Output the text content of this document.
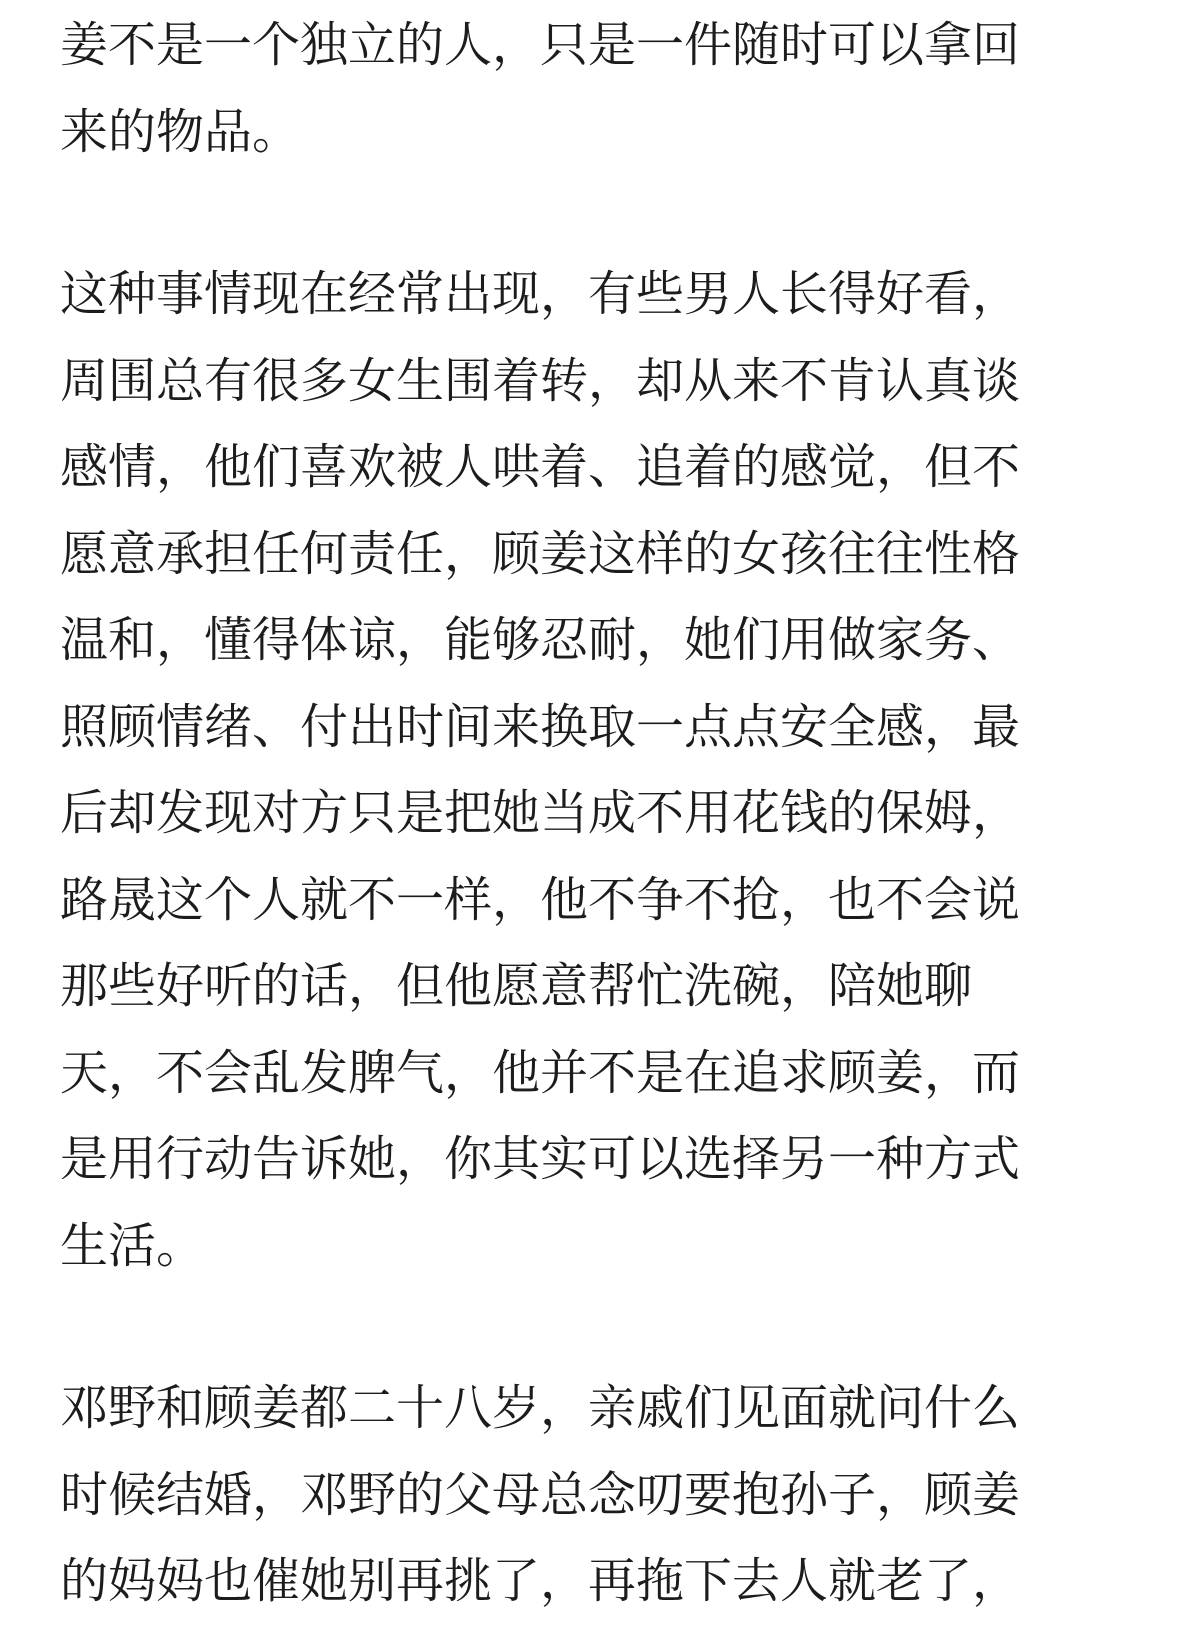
姜不是一个独立的人，只是一件随时可以拿回
来的物品。
这种事情现在经常出现，有些男人长得好看，
周围总有很多女生围着转，却从来不肯认真谈
感情，他们喜欢被人哄着、追着的感觉，但不
愿意承担任何责任，顾姜这样的女孩往往性格
温和，懂得体谅，能够忍耐，她们用做家务、
照顾情绪、付出时间来换取一点点安全感，最
后却发现对方只是把她当成不用花钱的保姆，
路晟这个人就不一样，他不争不抢，也不会说
那些好听的话，但他愿意帮忙洗碗，陪她聊
天，不会乱发脾气，他并不是在追求顾姜，而
是用行动告诉她，你其实可以选择另一种方式
生活。
邓野和顾姜都二十八岁，亲戚们见面就问什么
时候结婚，邓野的父母总念叨要抱孙子，顾姜
的妈妈也催她别再挑了，再拖下去人就老了，
